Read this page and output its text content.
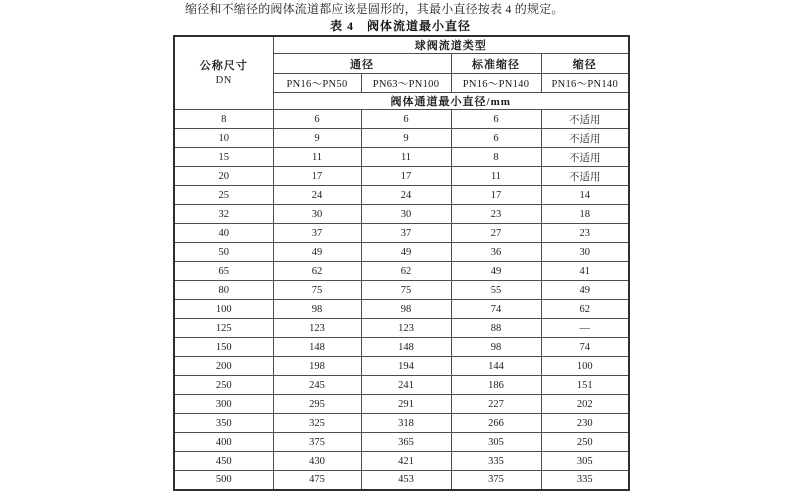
缩径和不缩径的阀体流道都应该是圆形的，其最小直径按表 4 的规定。
表 4　阀体流道最小直径
公称尺寸
DN	球阀流道类型			
	通径		标准缩径	缩径
	PN16～PN50	PN63～PN100	PN16～PN140	PN16～PN140
	阀体通道最小直径/mm			
8	6	6	6	不适用
10	9	9	6	不适用
15	11	11	8	不适用
20	17	17	11	不适用
25	24	24	17	14
32	30	30	23	18
40	37	37	27	23
50	49	49	36	30
65	62	62	49	41
80	75	75	55	49
100	98	98	74	62
125	123	123	88	—
150	148	148	98	74
200	198	194	144	100
250	245	241	186	151
300	295	291	227	202
350	325	318	266	230
400	375	365	305	250
450	430	421	335	305
500	475	453	375	335
